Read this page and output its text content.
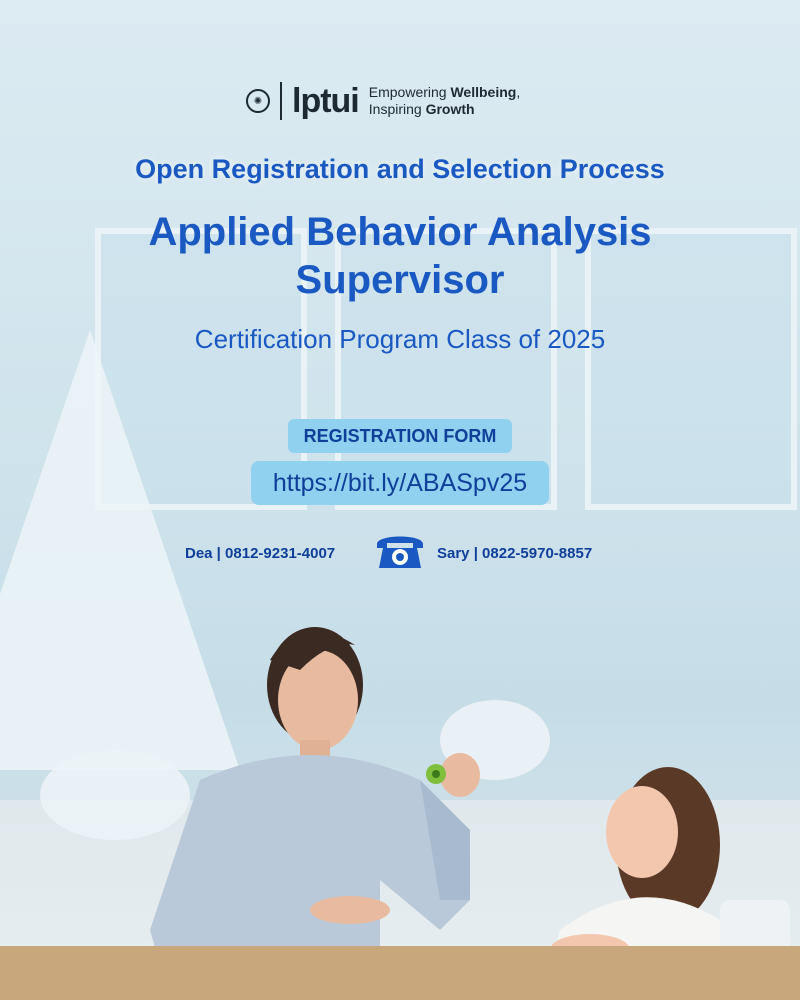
✺ lptui Empowering Wellbeing,
Inspiring Growth
Open Registration and Selection Process
Applied Behavior Analysis
Supervisor
Certification Program Class of 2025
REGISTRATION FORM
https://bit.ly/ABASpv25
Dea | 0812-9231-4007	Sary | 0822-5970-8857
